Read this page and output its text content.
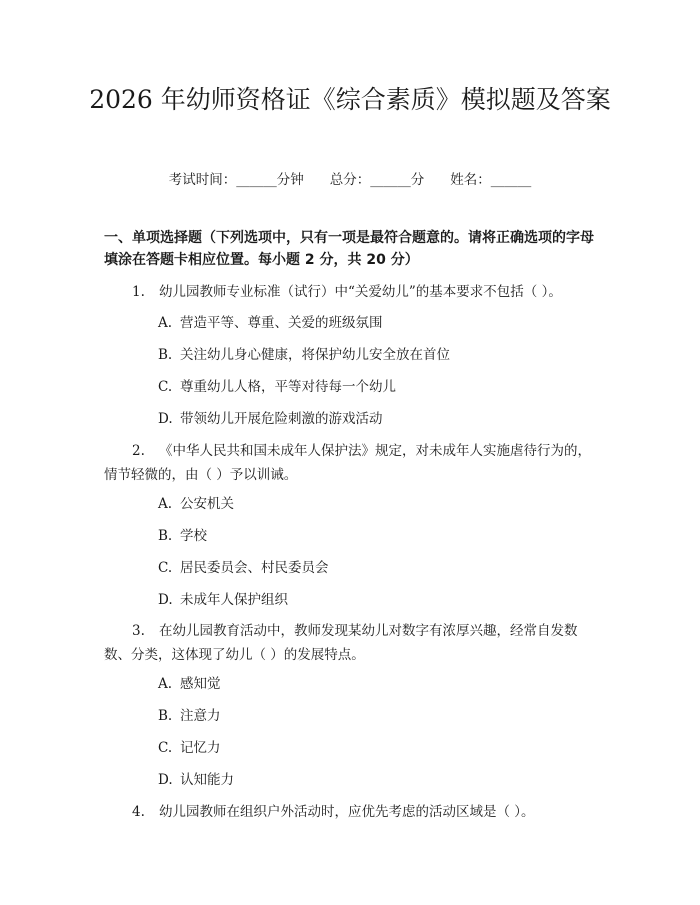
2026 年幼师资格证《综合素质》模拟题及答案
考试时间：______分钟 总分：______分 姓名：______
一、单项选择题（下列选项中，只有一项是最符合题意的。请将正确选项的字母填涂在答题卡相应位置。每小题 2 分，共 20 分）
1. 幼儿园教师专业标准（试行）中“关爱幼儿”的基本要求不包括（ ）。
A. 营造平等、尊重、关爱的班级氛围
B. 关注幼儿身心健康，将保护幼儿安全放在首位
C. 尊重幼儿人格，平等对待每一个幼儿
D. 带领幼儿开展危险刺激的游戏活动
2. 《中华人民共和国未成年人保护法》规定，对未成年人实施虐待行为的，情节轻微的，由（ ）予以训诫。
A. 公安机关
B. 学校
C. 居民委员会、村民委员会
D. 未成年人保护组织
3. 在幼儿园教育活动中，教师发现某幼儿对数字有浓厚兴趣，经常自发数数、分类，这体现了幼儿（ ）的发展特点。
A. 感知觉
B. 注意力
C. 记忆力
D. 认知能力
4. 幼儿园教师在组织户外活动时，应优先考虑的活动区域是（ ）。
